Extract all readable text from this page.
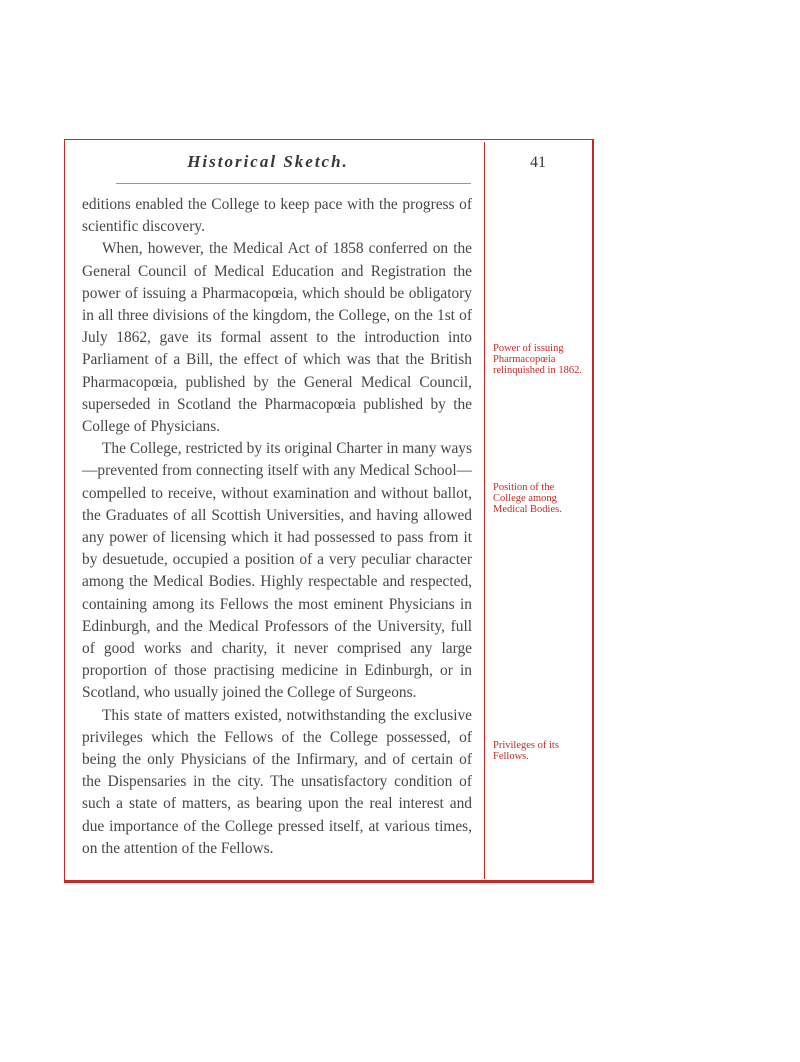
Historical Sketch.	41

editions enabled the College to keep pace with the progress of scientific discovery.

When, however, the Medical Act of 1858 conferred on the General Council of Medical Education and Registration the power of issuing a Pharmacopœia, which should be obligatory in all three divisions of the kingdom, the College, on the 1st of July 1862, gave its formal assent to the introduction into Parliament of a Bill, the effect of which was that the British Pharmacopœia, published by the General Medical Council, superseded in Scotland the Pharmacopœia published by the College of Physicians.

The College, restricted by its original Charter in many ways—prevented from connecting itself with any Medical School—compelled to receive, without examination and without ballot, the Graduates of all Scottish Universities, and having allowed any power of licensing which it had possessed to pass from it by desuetude, occupied a position of a very peculiar character among the Medical Bodies. Highly respectable and respected, containing among its Fellows the most eminent Physicians in Edinburgh, and the Medical Professors of the University, full of good works and charity, it never comprised any large proportion of those practising medicine in Edinburgh, or in Scotland, who usually joined the College of Surgeons.

This state of matters existed, notwithstanding the exclusive privileges which the Fellows of the College possessed, of being the only Physicians of the Infirmary, and of certain of the Dispensaries in the city. The unsatisfactory condition of such a state of matters, as bearing upon the real interest and due importance of the College pressed itself, at various times, on the attention of the Fellows.

Power of issuing Pharmacopœia relinquished in 1862.
Position of the College among Medical Bodies.
Privileges of its Fellows.
